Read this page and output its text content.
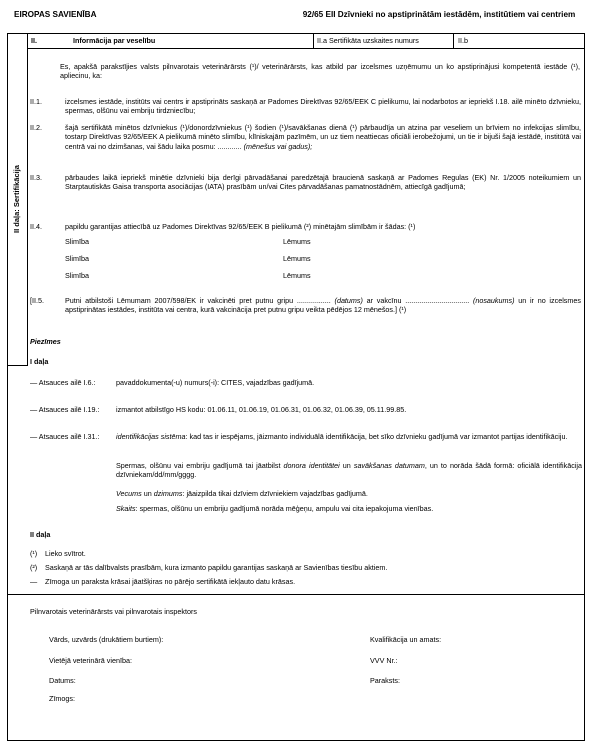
EIROPAS SAVIENĪBA	92/65 EII Dzīvnieki no apstiprinātām iestādēm, institūtiem vai centriem
II daļa: Sertifikācija
II.	Informācija par veselību	II.a Sertifikāta uzskaites numurs	II.b
Es, apakšā parakstījies valsts pilnvarotais veterinārārsts (¹)/ veterinārārsts, kas atbild par izcelsmes uzņēmumu un ko apstiprinājusi kompetentā iestāde (¹), apliecinu, ka:
II.1.	izcelsmes iestāde, institūts vai centrs ir apstiprināts saskaņā ar Padomes Direktīvas 92/65/EEK C pielikumu, lai nodarbotos ar iepriekš I.18. ailē minēto dzīvnieku, spermas, olšūnu vai embriju tirdzniecību;
II.2.	šajā sertifikātā minētos dzīvniekus (¹)/donordzīvniekus (¹) šodien (¹)/savākšanas dienā (¹) pārbaudīja un atzina par veseliem un brīviem no infekcijas slimību, tostarp Direktīvas 92/65/EEK A pielikumā minēto slimību, klīniskajām pazīmēm, un uz tiem neattiecas oficiāli ierobežojumi, un tie ir bijuši šajā iestādē, institūtā vai centrā vai no dzimšanas, vai šādu laika posmu: ............ (mēnešus vai gadus);
II.3.	pārbaudes laikā iepriekš minētie dzīvnieki bija derīgi pārvadāšanai paredzētajā braucienā saskaņā ar Padomes Regulas (EK) Nr. 1/2005 noteikumiem un Starptautiskās Gaisa transporta asociācijas (IATA) prasībām un/vai Cites pārvadāšanas pamatnostādnēm, attiecīgā gadījumā;
II.4.	papildu garantijas attiecībā uz Padomes Direktīvas 92/65/EEK B pielikumā (²) minētajām slimībām ir šādas: (¹)
Slimība	Lēmums
Slimība	Lēmums
Slimība	Lēmums
[II.5.	Putni atbilstoši Lēmumam 2007/598/EK ir vakcinēti pret putnu gripu ................. (datums) ar vakcīnu ................................ (nosaukums) un ir no izcelsmes apstiprinātas iestādes, institūta vai centra, kurā vakcinācija pret putnu gripu veikta pēdējos 12 mēnešos.] (¹)
Piezīmes
I daļa
— Atsauces ailē I.6.:	pavaddokumenta(-u) numurs(-i): CITES, vajadzības gadījumā.
— Atsauces ailē I.19.: izmantot atbilstīgo HS kodu: 01.06.11, 01.06.19, 01.06.31, 01.06.32, 01.06.39, 05.11.99.85.
— Atsauces ailē I.31.: identifikācijas sistēma: kad tas ir iespējams, jāizmanto individuālā identifikācija, bet sīko dzīvnieku gadījumā var izmantot partijas identifikāciju.
Spermas, olšūnu vai embriju gadījumā tai jāatbilst donora identitātei un savākšanas datumam, un to norāda šādā formā: oficiālā identifikācija dzīvniekam/dd/mm/gggg.
Vecums un dzimums: jāaizpilda tikai dzīviem dzīvniekiem vajadzības gadījumā.
Skaits: spermas, olšūnu un embriju gadījumā norāda mēģeņu, ampulu vai cita iepakojuma vienības.
II daļa
(¹) Lieko svītrot.
(²) Saskaņā ar tās dalībvalsts prasībām, kura izmanto papildu garantijas saskaņā ar Savienības tiesību aktiem.
— Zīmoga un paraksta krāsai jāatšķiras no pārējo sertifikātā iekļauto datu krāsas.
Pilnvarotais veterinārārsts vai pilnvarotais inspektors
Vārds, uzvārds (drukātiem burtiem):	Kvalifikācija un amats:
Vietējā veterinārā vienība:	VVV Nr.:
Datums:	Paraksts:
Zīmogs:
